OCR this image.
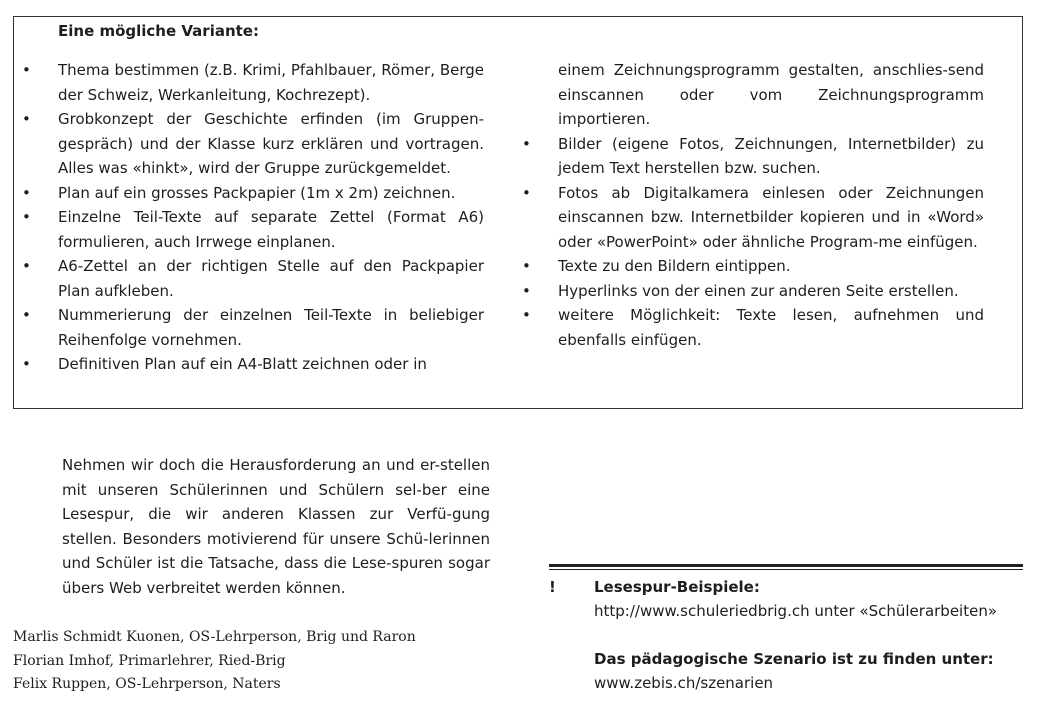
Eine mögliche Variante:
• Thema bestimmen (z.B. Krimi, Pfahlbauer, Römer, Berge der Schweiz, Werkanleitung, Kochrezept).
• Grobkonzept der Geschichte erfinden (im Gruppen-gespräch) und der Klasse kurz erklären und vortragen. Alles was «hinkt», wird der Gruppe zurückgemeldet.
• Plan auf ein grosses Packpapier (1m x 2m) zeichnen.
• Einzelne Teil-Texte auf separate Zettel (Format A6) formulieren, auch Irrwege einplanen.
• A6-Zettel an der richtigen Stelle auf den Packpapier Plan aufkleben.
• Nummerierung der einzelnen Teil-Texte in beliebiger Reihenfolge vornehmen.
• Definitiven Plan auf ein A4-Blatt zeichnen oder in
einem Zeichnungsprogramm gestalten, anschlies-send einscannen oder vom Zeichnungsprogramm importieren.
• Bilder (eigene Fotos, Zeichnungen, Internetbilder) zu jedem Text herstellen bzw. suchen.
• Fotos ab Digitalkamera einlesen oder Zeichnungen einscannen bzw. Internetbilder kopieren und in «Word» oder «PowerPoint» oder ähnliche Program-me einfügen.
• Texte zu den Bildern eintippen.
• Hyperlinks von der einen zur anderen Seite erstellen.
• weitere Möglichkeit: Texte lesen, aufnehmen und ebenfalls einfügen.
Nehmen wir doch die Herausforderung an und er-stellen mit unseren Schülerinnen und Schülern sel-ber eine Lesespur, die wir anderen Klassen zur Verfü-gung stellen. Besonders motivierend für unsere Schü-lerinnen und Schüler ist die Tatsache, dass die Lese-spuren sogar übers Web verbreitet werden können.
Marlis Schmidt Kuonen, OS-Lehrperson, Brig und Raron
Florian Imhof, Primarlehrer, Ried-Brig
Felix Ruppen, OS-Lehrperson, Naters
!	Lesespur-Beispiele:
http://www.schuleriedbrig.ch unter «Schülerarbeiten»
Das pädagogische Szenario ist zu finden unter:
www.zebis.ch/szenarien
